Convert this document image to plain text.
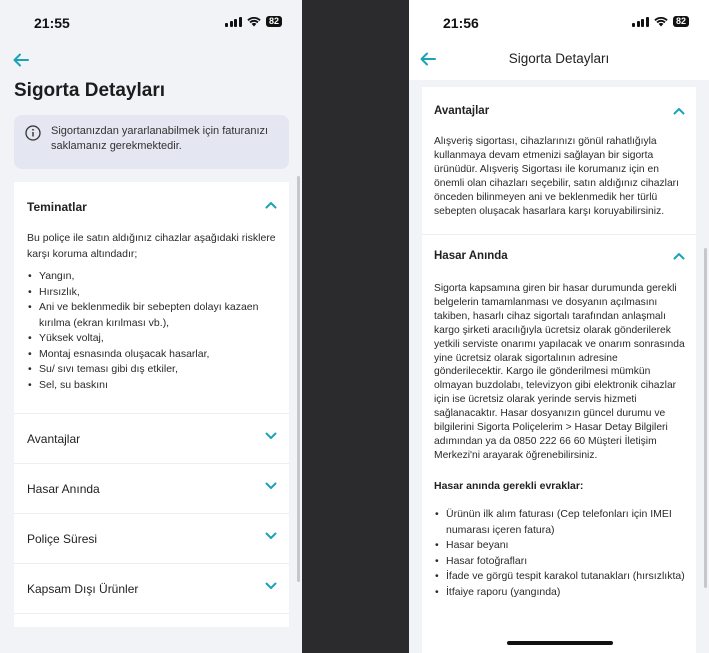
21:55	82
Sigorta Detayları
Sigortanızdan yararlanabilmek için faturanızı saklamanız gerekmektedir.
Teminatlar
Bu poliçe ile satın aldığınız cihazlar aşağıdaki risklere karşı koruma altındadır;
• Yangın,
• Hırsızlık,
• Ani ve beklenmedik bir sebepten dolayı kazaen kırılma (ekran kırılması vb.),
• Yüksek voltaj,
• Montaj esnasında oluşacak hasarlar,
• Su/ sıvı teması gibi dış etkiler,
• Sel, su baskını
Avantajlar
Hasar Anında
Poliçe Süresi
Kapsam Dışı Ürünler
21:56	82
Sigorta Detayları
Avantajlar
Alışveriş sigortası, cihazlarınızı gönül rahatlığıyla kullanmaya devam etmenizi sağlayan bir sigorta ürünüdür. Alışveriş Sigortası ile korumanız için en önemli olan cihazları seçebilir, satın aldığınız cihazları önceden bilinmeyen ani ve beklenmedik her türlü sebepten oluşacak hasarlara karşı koruyabilirsiniz.
Hasar Anında
Sigorta kapsamına giren bir hasar durumunda gerekli belgelerin tamamlanması ve dosyanın açılmasını takiben, hasarlı cihaz sigortalı tarafından anlaşmalı kargo şirketi aracılığıyla ücretsiz olarak gönderilerek yetkili serviste onarımı yapılacak ve onarım sonrasında yine ücretsiz olarak sigortalının adresine gönderilecektir. Kargo ile gönderilmesi mümkün olmayan buzdolabı, televizyon gibi elektronik cihazlar için ise ücretsiz olarak yerinde servis hizmeti sağlanacaktır. Hasar dosyanızın güncel durumu ve bilgilerini Sigorta Poliçelerim > Hasar Detay Bilgileri adımından ya da 0850 222 66 60 Müşteri İletişim Merkezi'ni arayarak öğrenebilirsiniz.
Hasar anında gerekli evraklar:
• Ürünün ilk alım faturası (Cep telefonları için IMEI numarası içeren fatura)
• Hasar beyanı
• Hasar fotoğrafları
• İfade ve görgü tespit karakol tutanakları (hırsızlıkta)
• İtfaiye raporu (yangında)
